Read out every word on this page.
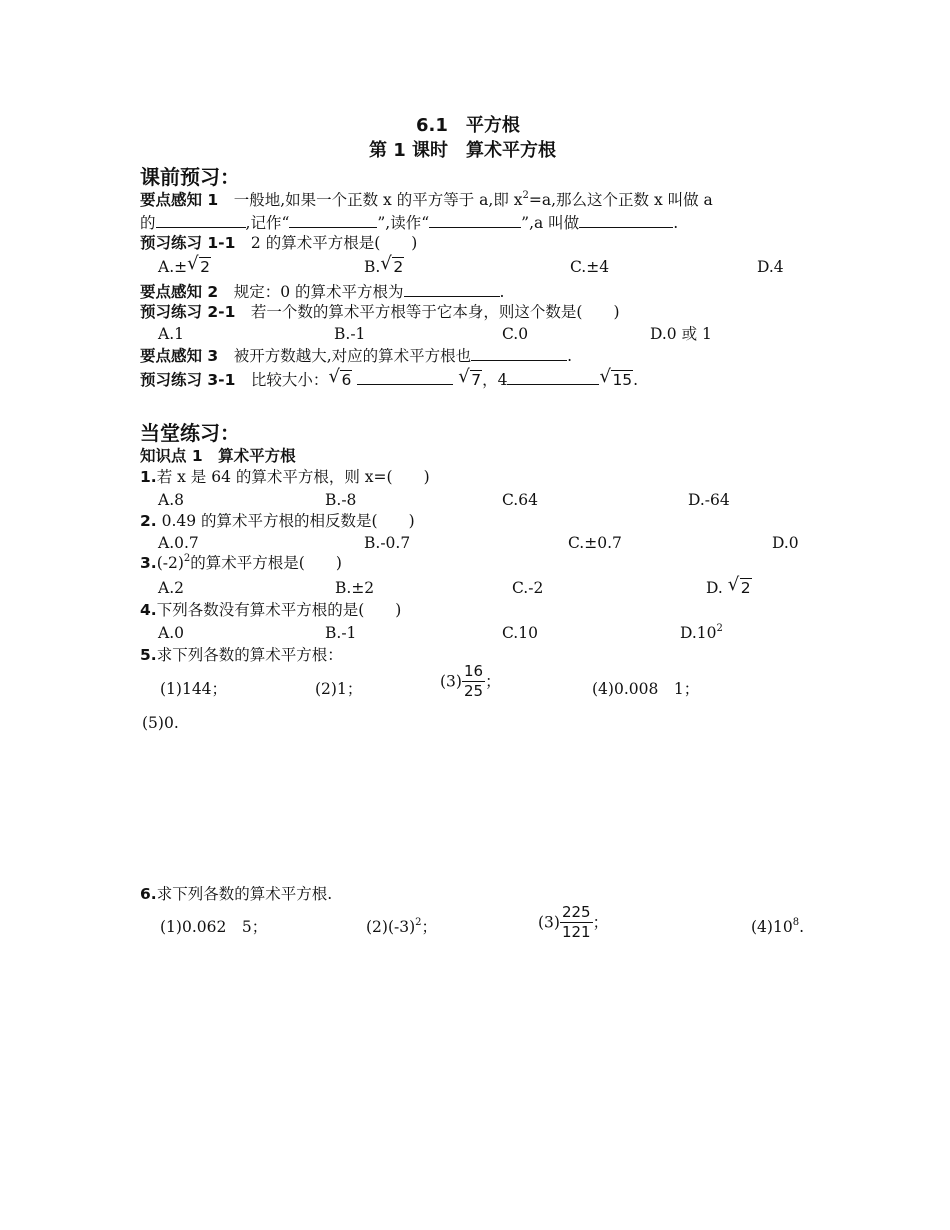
6.1　平方根
第 1 课时　算术平方根
课前预习：
要点感知 1　 一般地,如果一个正数 x 的平方等于 a,即 $x^2=a$,那么这个正数 x 叫做 a
的	,记作“	”,读作“	”,a 叫做	.
预习练习 1-1　 2 的算术平方根是(　　)
A.± √ 2	B. √ 2	C.±4	D.4
要点感知 2　 规定：0 的算术平方根为	.
预习练习 2-1　 若一个数的算术平方根等于它本身，则这个数是(　　)
A.1	B.-1	C.0	D.0 或 1
要点感知 3　 被开方数越大,对应的算术平方根也	.
预习练习 3-1　 比较大小： √ 6	√ 7，4	√ 15.
当堂练习：
知识点 1　算术平方根
1.若 x 是 64 的算术平方根，则 x=(　　)
A.8	B.-8	C.64	D.-64
2. 0.49 的算术平方根的相反数是(　　)
A.0.7	B.-0.7	C.±0.7	D.0
$3.(-2)^2$的算术平方根是(　　)
A.2	B.±2	C.-2	D. √ 2
4.下列各数没有算术平方根的是(　　)
A.0	B.-1	C.10	$D.10^2$
5.求下列各数的算术平方根：
(1)144；	(2)1；	$(3) \frac{16}{25}$ ；	(4)0.008　1；
(5)0.
6.求下列各数的算术平方根.
(1)0.062　5；	$(2)(-3)^2$；	$(3) \frac{225}{121}$ ；	$(4)10^8$.
